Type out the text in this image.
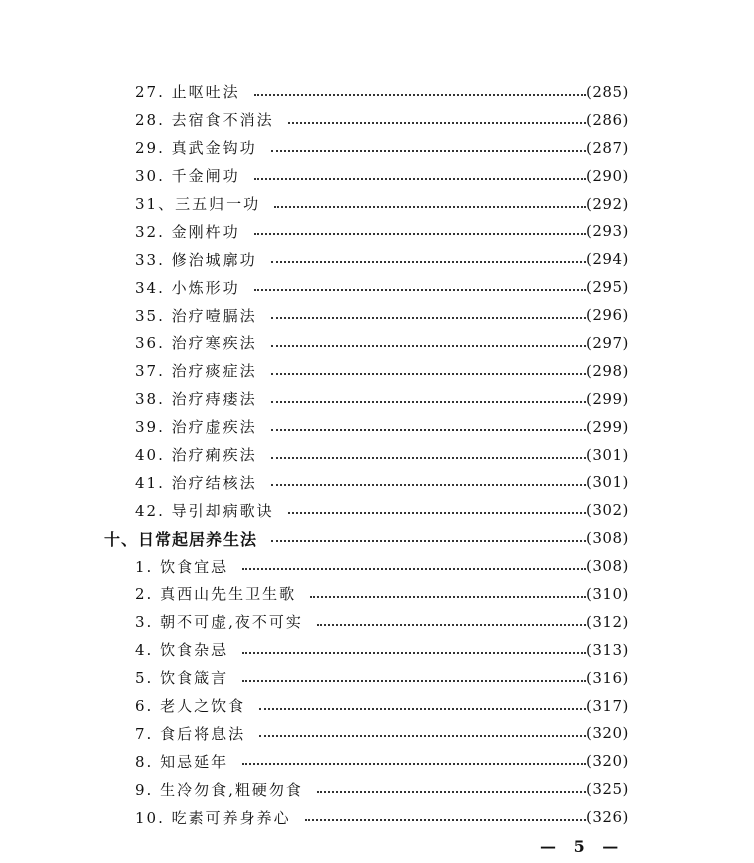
27. 止呕吐法	(285)
28. 去宿食不消法	(286)
29. 真武金钩功	(287)
30. 千金闸功	(290)
31、三五归一功	(292)
32. 金刚杵功	(293)
33. 修治城廓功	(294)
34. 小炼形功	(295)
35. 治疗噎膈法	(296)
36. 治疗寒疾法	(297)
37. 治疗痰症法	(298)
38. 治疗痔瘘法	(299)
39. 治疗虚疾法	(299)
40. 治疗痢疾法	(301)
41. 治疗结核法	(301)
42. 导引却病歌诀	(302)
十、日常起居养生法	(308)
1. 饮食宜忌	(308)
2. 真西山先生卫生歌	(310)
3. 朝不可虚,夜不可实	(312)
4. 饮食杂忌	(313)
5. 饮食箴言	(316)
6. 老人之饮食	(317)
7. 食后将息法	(320)
8. 知忌延年	(320)
9. 生冷勿食,粗硬勿食	(325)
10. 吃素可养身养心	(326)
— 5 —
